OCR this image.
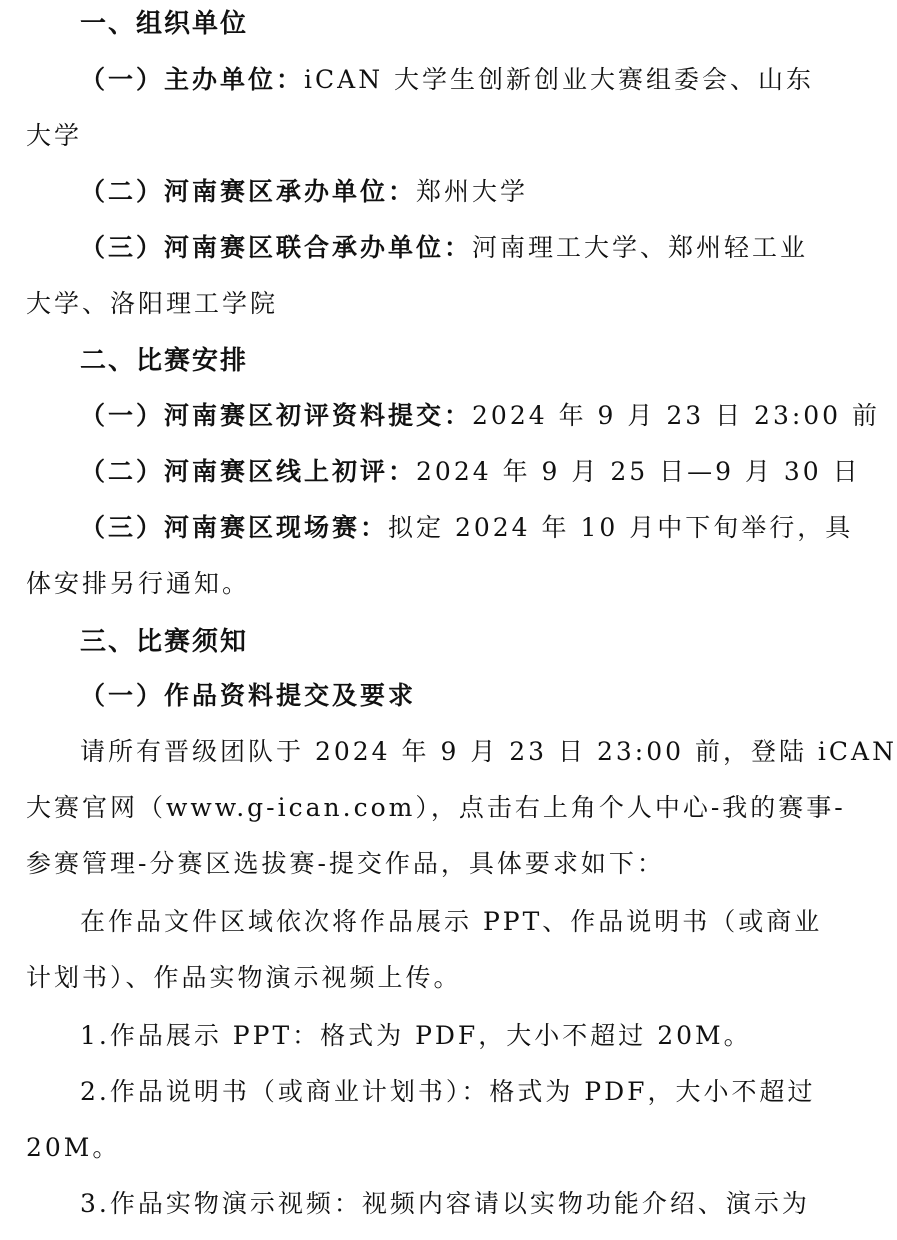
一、组织单位
（一）主办单位：iCAN 大学生创新创业大赛组委会、山东
大学
（二）河南赛区承办单位：郑州大学
（三）河南赛区联合承办单位：河南理工大学、郑州轻工业
大学、洛阳理工学院
二、比赛安排
（一）河南赛区初评资料提交：2024 年 9 月 23 日 23:00 前
（二）河南赛区线上初评：2024 年 9 月 25 日—9 月 30 日
（三）河南赛区现场赛：拟定 2024 年 10 月中下旬举行，具
体安排另行通知。
三、比赛须知
（一）作品资料提交及要求
请所有晋级团队于 2024 年 9 月 23 日 23:00 前，登陆 iCAN
大赛官网（www.g-ican.com），点击右上角个人中心-我的赛事-
参赛管理-分赛区选拔赛-提交作品，具体要求如下：
在作品文件区域依次将作品展示 PPT、作品说明书（或商业
计划书）、作品实物演示视频上传。
1.作品展示 PPT：格式为 PDF，大小不超过 20M。
2.作品说明书（或商业计划书）：格式为 PDF，大小不超过
20M。
3.作品实物演示视频：视频内容请以实物功能介绍、演示为
